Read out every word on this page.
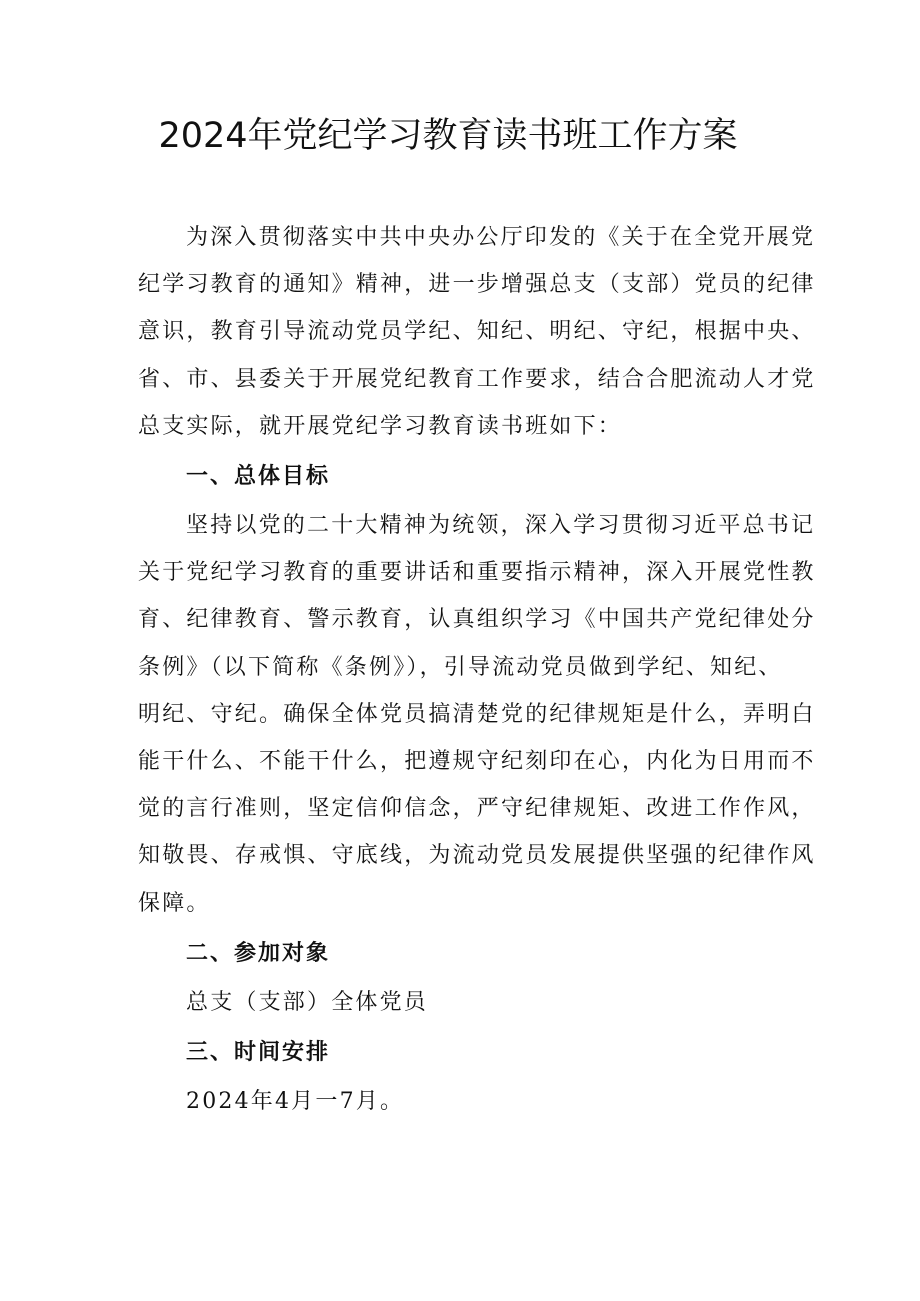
2024年党纪学习教育读书班工作方案
为深入贯彻落实中共中央办公厅印发的《关于在全党开展党
纪学习教育的通知》精神，进一步增强总支（支部）党员的纪律
意识，教育引导流动党员学纪、知纪、明纪、守纪，根据中央、
省、市、县委关于开展党纪教育工作要求，结合合肥流动人才党
总支实际，就开展党纪学习教育读书班如下：
一、总体目标
坚持以党的二十大精神为统领，深入学习贯彻习近平总书记
关于党纪学习教育的重要讲话和重要指示精神，深入开展党性教
育、纪律教育、警示教育，认真组织学习《中国共产党纪律处分
条例》（以下简称《条例》），引导流动党员做到学纪、知纪、
明纪、守纪。确保全体党员搞清楚党的纪律规矩是什么，弄明白
能干什么、不能干什么，把遵规守纪刻印在心，内化为日用而不
觉的言行准则，坚定信仰信念，严守纪律规矩、改进工作作风，
知敬畏、存戒惧、守底线，为流动党员发展提供坚强的纪律作风
保障。
二、参加对象
总支（支部）全体党员
三、时间安排
2024年4月一7月。
